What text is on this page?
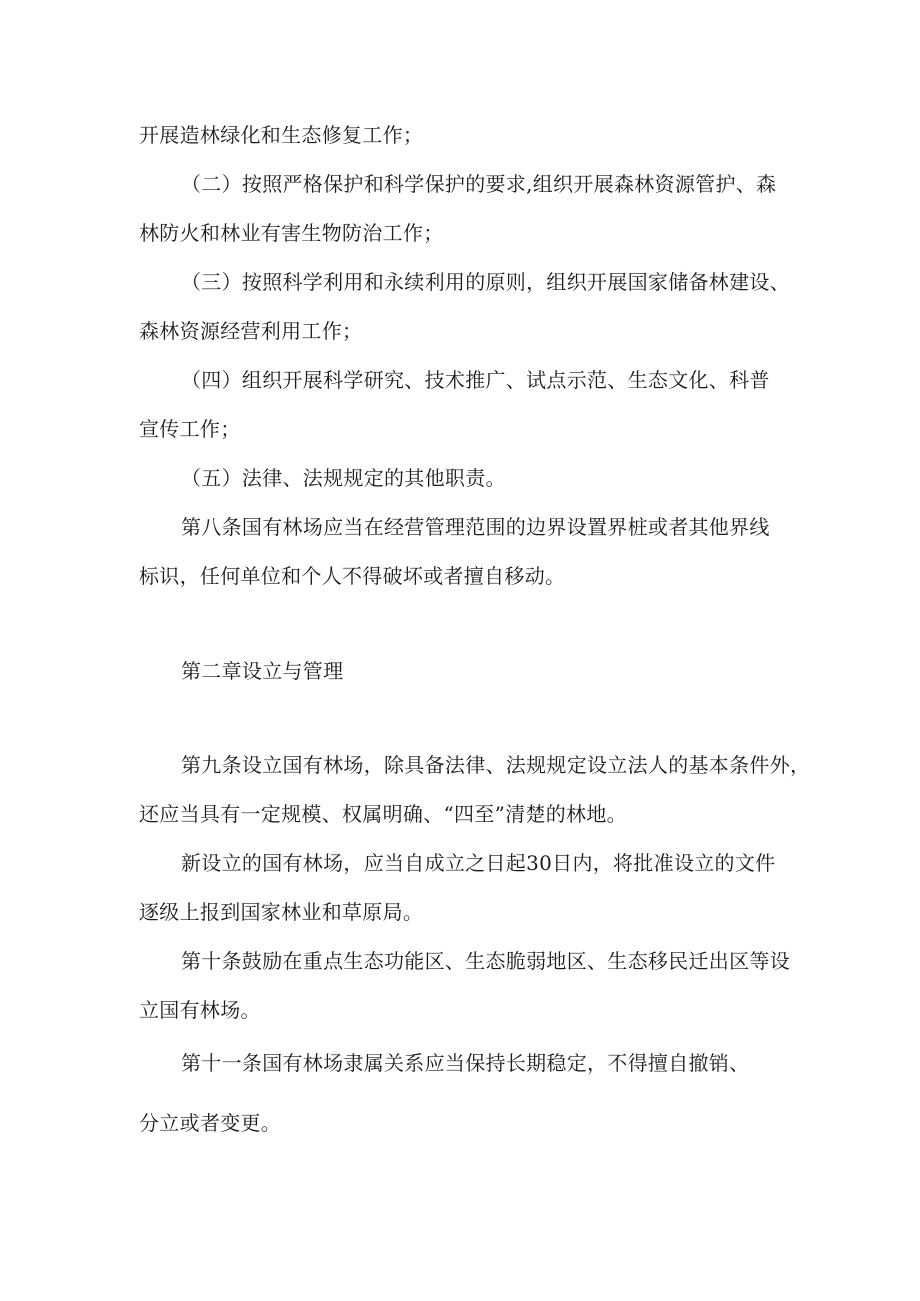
开展造林绿化和生态修复工作；
（二）按照严格保护和科学保护的要求,组织开展森林资源管护、森
林防火和林业有害生物防治工作；
（三）按照科学利用和永续利用的原则，组织开展国家储备林建设、
森林资源经营利用工作；
（四）组织开展科学研究、技术推广、试点示范、生态文化、科普
宣传工作；
（五）法律、法规规定的其他职责。
第八条国有林场应当在经营管理范围的边界设置界桩或者其他界线
标识，任何单位和个人不得破坏或者擅自移动。
第二章设立与管理
第九条设立国有林场，除具备法律、法规规定设立法人的基本条件外，
还应当具有一定规模、权属明确、“四至”清楚的林地。
新设立的国有林场，应当自成立之日起30日内，将批准设立的文件
逐级上报到国家林业和草原局。
第十条鼓励在重点生态功能区、生态脆弱地区、生态移民迁出区等设
立国有林场。
第十一条国有林场隶属关系应当保持长期稳定，不得擅自撤销、
分立或者变更。
